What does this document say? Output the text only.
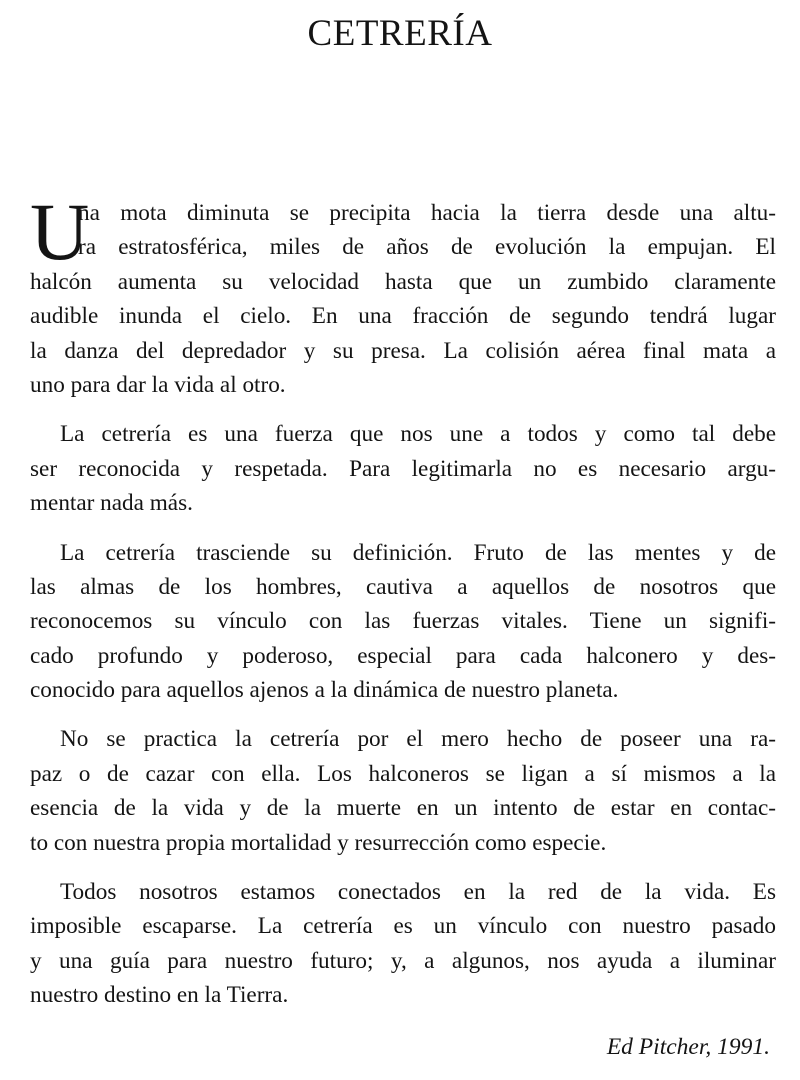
CETRERÍA
U
na mota diminuta se precipita hacia la tierra desde una altu-
ra estratosférica, miles de años de evolución la empujan. El
halcón aumenta su velocidad hasta que un zumbido claramente
audible inunda el cielo. En una fracción de segundo tendrá lugar
la danza del depredador y su presa. La colisión aérea final mata a
uno para dar la vida al otro.
La cetrería es una fuerza que nos une a todos y como tal debe
ser reconocida y respetada. Para legitimarla no es necesario argu-
mentar nada más.
La cetrería trasciende su definición. Fruto de las mentes y de
las almas de los hombres, cautiva a aquellos de nosotros que
reconocemos su vínculo con las fuerzas vitales. Tiene un signifi-
cado profundo y poderoso, especial para cada halconero y des-
conocido para aquellos ajenos a la dinámica de nuestro planeta.
No se practica la cetrería por el mero hecho de poseer una ra-
paz o de cazar con ella. Los halconeros se ligan a sí mismos a la
esencia de la vida y de la muerte en un intento de estar en contac-
to con nuestra propia mortalidad y resurrección como especie.
Todos nosotros estamos conectados en la red de la vida. Es
imposible escaparse. La cetrería es un vínculo con nuestro pasado
y una guía para nuestro futuro; y, a algunos, nos ayuda a iluminar
nuestro destino en la Tierra.
Ed Pitcher, 1991.
